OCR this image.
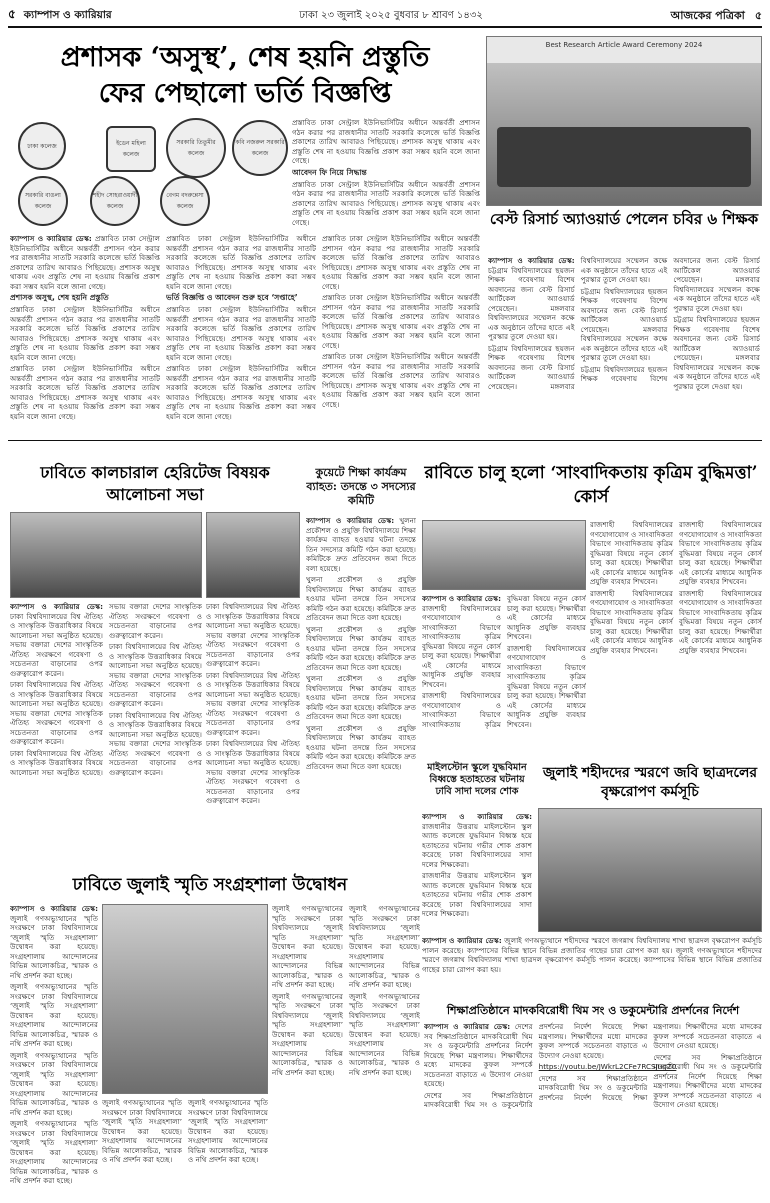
৫ ক্যাম্পাস ও ক্যারিয়ার	ঢাকা ২৩ জুলাই ২০২৫ বুধবার ৮ শ্রাবণ ১৪৩২	আজকের পত্রিকা ৫
প্রশাসক ‘অসুস্থ’, শেষ হয়নি প্রস্তুতি
ফের পেছালো ভর্তি বিজ্ঞপ্তি
ঢাকা কলেজ	ইডেন মহিলা কলেজ
সরকারি তিতুমীর কলেজ
কবি নজরুল সরকারি কলেজ
সরকারি বাঙলা কলেজ
শহীদ সোহরাওয়ার্দী কলেজ
বেগম বদরুন্নেসা কলেজ

প্রস্তাবিত ঢাকা সেন্ট্রাল ইউনিভার্সিটির অধীনে অন্তর্বর্তী প্রশাসন গঠন করার পর রাজধানীর সাতটি সরকারি কলেজে ভর্তি বিজ্ঞপ্তি প্রকাশের তারিখ আবারও পিছিয়েছে। প্রশাসক অসুস্থ থাকায় এবং প্রস্তুতি শেষ না হওয়ায় বিজ্ঞপ্তি প্রকাশ করা সম্ভব হয়নি বলে জানা গেছে।

আবেদন ফি নিয়ে সিদ্ধান্ত

প্রস্তাবিত ঢাকা সেন্ট্রাল ইউনিভার্সিটির অধীনে অন্তর্বর্তী প্রশাসন গঠন করার পর রাজধানীর সাতটি সরকারি কলেজে ভর্তি বিজ্ঞপ্তি প্রকাশের তারিখ আবারও পিছিয়েছে। প্রশাসক অসুস্থ থাকায় এবং প্রস্তুতি শেষ না হওয়ায় বিজ্ঞপ্তি প্রকাশ করা সম্ভব হয়নি বলে জানা গেছে।

ক্যাম্পাস ও ক্যারিয়ার ডেস্ক: প্রস্তাবিত ঢাকা সেন্ট্রাল ইউনিভার্সিটির অধীনে অন্তর্বর্তী প্রশাসন গঠন করার পর রাজধানীর সাতটি সরকারি কলেজে ভর্তি বিজ্ঞপ্তি প্রকাশের তারিখ আবারও পিছিয়েছে। প্রশাসক অসুস্থ থাকায় এবং প্রস্তুতি শেষ না হওয়ায় বিজ্ঞপ্তি প্রকাশ করা সম্ভব হয়নি বলে জানা গেছে।

প্রশাসক অসুস্থ, শেষ হয়নি প্রস্তুতি

প্রস্তাবিত ঢাকা সেন্ট্রাল ইউনিভার্সিটির অধীনে অন্তর্বর্তী প্রশাসন গঠন করার পর রাজধানীর সাতটি সরকারি কলেজে ভর্তি বিজ্ঞপ্তি প্রকাশের তারিখ আবারও পিছিয়েছে। প্রশাসক অসুস্থ থাকায় এবং প্রস্তুতি শেষ না হওয়ায় বিজ্ঞপ্তি প্রকাশ করা সম্ভব হয়নি বলে জানা গেছে।

প্রস্তাবিত ঢাকা সেন্ট্রাল ইউনিভার্সিটির অধীনে অন্তর্বর্তী প্রশাসন গঠন করার পর রাজধানীর সাতটি সরকারি কলেজে ভর্তি বিজ্ঞপ্তি প্রকাশের তারিখ আবারও পিছিয়েছে। প্রশাসক অসুস্থ থাকায় এবং প্রস্তুতি শেষ না হওয়ায় বিজ্ঞপ্তি প্রকাশ করা সম্ভব হয়নি বলে জানা গেছে।

প্রস্তাবিত ঢাকা সেন্ট্রাল ইউনিভার্সিটির অধীনে অন্তর্বর্তী প্রশাসন গঠন করার পর রাজধানীর সাতটি সরকারি কলেজে ভর্তি বিজ্ঞপ্তি প্রকাশের তারিখ আবারও পিছিয়েছে। প্রশাসক অসুস্থ থাকায় এবং প্রস্তুতি শেষ না হওয়ায় বিজ্ঞপ্তি প্রকাশ করা সম্ভব হয়নি বলে জানা গেছে।

ভর্তি বিজ্ঞপ্তি ও আবেদন শুরু হবে ‘সপ্তাহে’

প্রস্তাবিত ঢাকা সেন্ট্রাল ইউনিভার্সিটির অধীনে অন্তর্বর্তী প্রশাসন গঠন করার পর রাজধানীর সাতটি সরকারি কলেজে ভর্তি বিজ্ঞপ্তি প্রকাশের তারিখ আবারও পিছিয়েছে। প্রশাসক অসুস্থ থাকায় এবং প্রস্তুতি শেষ না হওয়ায় বিজ্ঞপ্তি প্রকাশ করা সম্ভব হয়নি বলে জানা গেছে।

প্রস্তাবিত ঢাকা সেন্ট্রাল ইউনিভার্সিটির অধীনে অন্তর্বর্তী প্রশাসন গঠন করার পর রাজধানীর সাতটি সরকারি কলেজে ভর্তি বিজ্ঞপ্তি প্রকাশের তারিখ আবারও পিছিয়েছে। প্রশাসক অসুস্থ থাকায় এবং প্রস্তুতি শেষ না হওয়ায় বিজ্ঞপ্তি প্রকাশ করা সম্ভব হয়নি বলে জানা গেছে।

প্রস্তাবিত ঢাকা সেন্ট্রাল ইউনিভার্সিটির অধীনে অন্তর্বর্তী প্রশাসন গঠন করার পর রাজধানীর সাতটি সরকারি কলেজে ভর্তি বিজ্ঞপ্তি প্রকাশের তারিখ আবারও পিছিয়েছে। প্রশাসক অসুস্থ থাকায় এবং প্রস্তুতি শেষ না হওয়ায় বিজ্ঞপ্তি প্রকাশ করা সম্ভব হয়নি বলে জানা গেছে।

প্রস্তাবিত ঢাকা সেন্ট্রাল ইউনিভার্সিটির অধীনে অন্তর্বর্তী প্রশাসন গঠন করার পর রাজধানীর সাতটি সরকারি কলেজে ভর্তি বিজ্ঞপ্তি প্রকাশের তারিখ আবারও পিছিয়েছে। প্রশাসক অসুস্থ থাকায় এবং প্রস্তুতি শেষ না হওয়ায় বিজ্ঞপ্তি প্রকাশ করা সম্ভব হয়নি বলে জানা গেছে।

প্রস্তাবিত ঢাকা সেন্ট্রাল ইউনিভার্সিটির অধীনে অন্তর্বর্তী প্রশাসন গঠন করার পর রাজধানীর সাতটি সরকারি কলেজে ভর্তি বিজ্ঞপ্তি প্রকাশের তারিখ আবারও পিছিয়েছে। প্রশাসক অসুস্থ থাকায় এবং প্রস্তুতি শেষ না হওয়ায় বিজ্ঞপ্তি প্রকাশ করা সম্ভব হয়নি বলে জানা গেছে।

Best Research Article Award Ceremony 2024
বেস্ট রিসার্চ অ্যাওয়ার্ড পেলেন চবির ৬ শিক্ষক

ক্যাম্পাস ও ক্যারিয়ার ডেস্ক: চট্টগ্রাম বিশ্ববিদ্যালয়ের ছয়জন শিক্ষক গবেষণায় বিশেষ অবদানের জন্য বেস্ট রিসার্চ আর্টিকেল অ্যাওয়ার্ড পেয়েছেন। মঙ্গলবার বিশ্ববিদ্যালয়ের সম্মেলন কক্ষে এক অনুষ্ঠানে তাঁদের হাতে এই পুরস্কার তুলে দেওয়া হয়।

চট্টগ্রাম বিশ্ববিদ্যালয়ের ছয়জন শিক্ষক গবেষণায় বিশেষ অবদানের জন্য বেস্ট রিসার্চ আর্টিকেল অ্যাওয়ার্ড পেয়েছেন। মঙ্গলবার বিশ্ববিদ্যালয়ের সম্মেলন কক্ষে এক অনুষ্ঠানে তাঁদের হাতে এই পুরস্কার তুলে দেওয়া হয়।

চট্টগ্রাম বিশ্ববিদ্যালয়ের ছয়জন শিক্ষক গবেষণায় বিশেষ অবদানের জন্য বেস্ট রিসার্চ আর্টিকেল অ্যাওয়ার্ড পেয়েছেন। মঙ্গলবার বিশ্ববিদ্যালয়ের সম্মেলন কক্ষে এক অনুষ্ঠানে তাঁদের হাতে এই পুরস্কার তুলে দেওয়া হয়।

চট্টগ্রাম বিশ্ববিদ্যালয়ের ছয়জন শিক্ষক গবেষণায় বিশেষ অবদানের জন্য বেস্ট রিসার্চ আর্টিকেল অ্যাওয়ার্ড পেয়েছেন। মঙ্গলবার বিশ্ববিদ্যালয়ের সম্মেলন কক্ষে এক অনুষ্ঠানে তাঁদের হাতে এই পুরস্কার তুলে দেওয়া হয়।

চট্টগ্রাম বিশ্ববিদ্যালয়ের ছয়জন শিক্ষক গবেষণায় বিশেষ অবদানের জন্য বেস্ট রিসার্চ আর্টিকেল অ্যাওয়ার্ড পেয়েছেন। মঙ্গলবার বিশ্ববিদ্যালয়ের সম্মেলন কক্ষে এক অনুষ্ঠানে তাঁদের হাতে এই পুরস্কার তুলে দেওয়া হয়।

ঢাবিতে কালচারাল হেরিটেজ বিষয়ক আলোচনা সভা

ক্যাম্পাস ও ক্যারিয়ার ডেস্ক: ঢাকা বিশ্ববিদ্যালয়ের বিশ্ব ঐতিহ্য ও সাংস্কৃতিক উত্তরাধিকার বিষয়ে আলোচনা সভা অনুষ্ঠিত হয়েছে। সভায় বক্তারা দেশের সাংস্কৃতিক ঐতিহ্য সংরক্ষণে গবেষণা ও সচেতনতা বাড়ানোর ওপর গুরুত্বারোপ করেন।

ঢাকা বিশ্ববিদ্যালয়ের বিশ্ব ঐতিহ্য ও সাংস্কৃতিক উত্তরাধিকার বিষয়ে আলোচনা সভা অনুষ্ঠিত হয়েছে। সভায় বক্তারা দেশের সাংস্কৃতিক ঐতিহ্য সংরক্ষণে গবেষণা ও সচেতনতা বাড়ানোর ওপর গুরুত্বারোপ করেন।

ঢাকা বিশ্ববিদ্যালয়ের বিশ্ব ঐতিহ্য ও সাংস্কৃতিক উত্তরাধিকার বিষয়ে আলোচনা সভা অনুষ্ঠিত হয়েছে। সভায় বক্তারা দেশের সাংস্কৃতিক ঐতিহ্য সংরক্ষণে গবেষণা ও সচেতনতা বাড়ানোর ওপর গুরুত্বারোপ করেন।

ঢাকা বিশ্ববিদ্যালয়ের বিশ্ব ঐতিহ্য ও সাংস্কৃতিক উত্তরাধিকার বিষয়ে আলোচনা সভা অনুষ্ঠিত হয়েছে। সভায় বক্তারা দেশের সাংস্কৃতিক ঐতিহ্য সংরক্ষণে গবেষণা ও সচেতনতা বাড়ানোর ওপর গুরুত্বারোপ করেন।

ঢাকা বিশ্ববিদ্যালয়ের বিশ্ব ঐতিহ্য ও সাংস্কৃতিক উত্তরাধিকার বিষয়ে আলোচনা সভা অনুষ্ঠিত হয়েছে। সভায় বক্তারা দেশের সাংস্কৃতিক ঐতিহ্য সংরক্ষণে গবেষণা ও সচেতনতা বাড়ানোর ওপর গুরুত্বারোপ করেন।

ঢাকা বিশ্ববিদ্যালয়ের বিশ্ব ঐতিহ্য ও সাংস্কৃতিক উত্তরাধিকার বিষয়ে আলোচনা সভা অনুষ্ঠিত হয়েছে। সভায় বক্তারা দেশের সাংস্কৃতিক ঐতিহ্য সংরক্ষণে গবেষণা ও সচেতনতা বাড়ানোর ওপর গুরুত্বারোপ করেন।

ঢাকা বিশ্ববিদ্যালয়ের বিশ্ব ঐতিহ্য ও সাংস্কৃতিক উত্তরাধিকার বিষয়ে আলোচনা সভা অনুষ্ঠিত হয়েছে। সভায় বক্তারা দেশের সাংস্কৃতিক ঐতিহ্য সংরক্ষণে গবেষণা ও সচেতনতা বাড়ানোর ওপর গুরুত্বারোপ করেন।

ঢাকা বিশ্ববিদ্যালয়ের বিশ্ব ঐতিহ্য ও সাংস্কৃতিক উত্তরাধিকার বিষয়ে আলোচনা সভা অনুষ্ঠিত হয়েছে। সভায় বক্তারা দেশের সাংস্কৃতিক ঐতিহ্য সংরক্ষণে গবেষণা ও সচেতনতা বাড়ানোর ওপর গুরুত্বারোপ করেন।

কুয়েটে শিক্ষা কার্যক্রম ব্যাহত: তদন্তে ৩ সদস্যের কমিটি

ক্যাম্পাস ও ক্যারিয়ার ডেস্ক: খুলনা প্রকৌশল ও প্রযুক্তি বিশ্ববিদ্যালয়ে শিক্ষা কার্যক্রম ব্যাহত হওয়ার ঘটনা তদন্তে তিন সদস্যের কমিটি গঠন করা হয়েছে। কমিটিকে দ্রুত প্রতিবেদন জমা দিতে বলা হয়েছে।

খুলনা প্রকৌশল ও প্রযুক্তি বিশ্ববিদ্যালয়ে শিক্ষা কার্যক্রম ব্যাহত হওয়ার ঘটনা তদন্তে তিন সদস্যের কমিটি গঠন করা হয়েছে। কমিটিকে দ্রুত প্রতিবেদন জমা দিতে বলা হয়েছে।

খুলনা প্রকৌশল ও প্রযুক্তি বিশ্ববিদ্যালয়ে শিক্ষা কার্যক্রম ব্যাহত হওয়ার ঘটনা তদন্তে তিন সদস্যের কমিটি গঠন করা হয়েছে। কমিটিকে দ্রুত প্রতিবেদন জমা দিতে বলা হয়েছে।

খুলনা প্রকৌশল ও প্রযুক্তি বিশ্ববিদ্যালয়ে শিক্ষা কার্যক্রম ব্যাহত হওয়ার ঘটনা তদন্তে তিন সদস্যের কমিটি গঠন করা হয়েছে। কমিটিকে দ্রুত প্রতিবেদন জমা দিতে বলা হয়েছে।

খুলনা প্রকৌশল ও প্রযুক্তি বিশ্ববিদ্যালয়ে শিক্ষা কার্যক্রম ব্যাহত হওয়ার ঘটনা তদন্তে তিন সদস্যের কমিটি গঠন করা হয়েছে। কমিটিকে দ্রুত প্রতিবেদন জমা দিতে বলা হয়েছে।

রাবিতে চালু হলো ‘সাংবাদিকতায় কৃত্রিম বুদ্ধিমত্তা’ কোর্স

রাজশাহী বিশ্ববিদ্যালয়ের গণযোগাযোগ ও সাংবাদিকতা বিভাগে সাংবাদিকতায় কৃত্রিম বুদ্ধিমত্তা বিষয়ে নতুন কোর্স চালু করা হয়েছে। শিক্ষার্থীরা এই কোর্সের মাধ্যমে আধুনিক প্রযুক্তি ব্যবহার শিখবেন।

রাজশাহী বিশ্ববিদ্যালয়ের গণযোগাযোগ ও সাংবাদিকতা বিভাগে সাংবাদিকতায় কৃত্রিম বুদ্ধিমত্তা বিষয়ে নতুন কোর্স চালু করা হয়েছে। শিক্ষার্থীরা এই কোর্সের মাধ্যমে আধুনিক প্রযুক্তি ব্যবহার শিখবেন।

রাজশাহী বিশ্ববিদ্যালয়ের গণযোগাযোগ ও সাংবাদিকতা বিভাগে সাংবাদিকতায় কৃত্রিম বুদ্ধিমত্তা বিষয়ে নতুন কোর্স চালু করা হয়েছে। শিক্ষার্থীরা এই কোর্সের মাধ্যমে আধুনিক প্রযুক্তি ব্যবহার শিখবেন।

রাজশাহী বিশ্ববিদ্যালয়ের গণযোগাযোগ ও সাংবাদিকতা বিভাগে সাংবাদিকতায় কৃত্রিম বুদ্ধিমত্তা বিষয়ে নতুন কোর্স চালু করা হয়েছে। শিক্ষার্থীরা এই কোর্সের মাধ্যমে আধুনিক প্রযুক্তি ব্যবহার শিখবেন।

ক্যাম্পাস ও ক্যারিয়ার ডেস্ক: রাজশাহী বিশ্ববিদ্যালয়ের গণযোগাযোগ ও সাংবাদিকতা বিভাগে সাংবাদিকতায় কৃত্রিম বুদ্ধিমত্তা বিষয়ে নতুন কোর্স চালু করা হয়েছে। শিক্ষার্থীরা এই কোর্সের মাধ্যমে আধুনিক প্রযুক্তি ব্যবহার শিখবেন।

রাজশাহী বিশ্ববিদ্যালয়ের গণযোগাযোগ ও সাংবাদিকতা বিভাগে সাংবাদিকতায় কৃত্রিম বুদ্ধিমত্তা বিষয়ে নতুন কোর্স চালু করা হয়েছে। শিক্ষার্থীরা এই কোর্সের মাধ্যমে আধুনিক প্রযুক্তি ব্যবহার শিখবেন।

রাজশাহী বিশ্ববিদ্যালয়ের গণযোগাযোগ ও সাংবাদিকতা বিভাগে সাংবাদিকতায় কৃত্রিম বুদ্ধিমত্তা বিষয়ে নতুন কোর্স চালু করা হয়েছে। শিক্ষার্থীরা এই কোর্সের মাধ্যমে আধুনিক প্রযুক্তি ব্যবহার শিখবেন।

মাইলস্টোন স্কুলে যুদ্ধবিমান বিধ্বস্তে হতাহতের ঘটনায় ঢাবি সাদা দলের শোক

ক্যাম্পাস ও ক্যারিয়ার ডেস্ক: রাজধানীর উত্তরায় মাইলস্টোন স্কুল অ্যান্ড কলেজে যুদ্ধবিমান বিধ্বস্ত হয়ে হতাহতের ঘটনায় গভীর শোক প্রকাশ করেছে ঢাকা বিশ্ববিদ্যালয়ের সাদা দলের শিক্ষকেরা।

রাজধানীর উত্তরায় মাইলস্টোন স্কুল অ্যান্ড কলেজে যুদ্ধবিমান বিধ্বস্ত হয়ে হতাহতের ঘটনায় গভীর শোক প্রকাশ করেছে ঢাকা বিশ্ববিদ্যালয়ের সাদা দলের শিক্ষকেরা।

জুলাই শহীদদের স্মরণে জবি ছাত্রদলের বৃক্ষরোপণ কর্মসূচি
ঢাবিতে জুলাই স্মৃতি সংগ্রহশালা উদ্বোধন

ক্যাম্পাস ও ক্যারিয়ার ডেস্ক: জুলাই গণঅভ্যুত্থানের স্মৃতি সংরক্ষণে ঢাকা বিশ্ববিদ্যালয়ে ‘জুলাই স্মৃতি সংগ্রহশালা’ উদ্বোধন করা হয়েছে। সংগ্রহশালায় আন্দোলনের বিভিন্ন আলোকচিত্র, স্মারক ও নথি প্রদর্শন করা হচ্ছে।

জুলাই গণঅভ্যুত্থানের স্মৃতি সংরক্ষণে ঢাকা বিশ্ববিদ্যালয়ে ‘জুলাই স্মৃতি সংগ্রহশালা’ উদ্বোধন করা হয়েছে। সংগ্রহশালায় আন্দোলনের বিভিন্ন আলোকচিত্র, স্মারক ও নথি প্রদর্শন করা হচ্ছে।

জুলাই গণঅভ্যুত্থানের স্মৃতি সংরক্ষণে ঢাকা বিশ্ববিদ্যালয়ে ‘জুলাই স্মৃতি সংগ্রহশালা’ উদ্বোধন করা হয়েছে। সংগ্রহশালায় আন্দোলনের বিভিন্ন আলোকচিত্র, স্মারক ও নথি প্রদর্শন করা হচ্ছে।

জুলাই গণঅভ্যুত্থানের স্মৃতি সংরক্ষণে ঢাকা বিশ্ববিদ্যালয়ে ‘জুলাই স্মৃতি সংগ্রহশালা’ উদ্বোধন করা হয়েছে। সংগ্রহশালায় আন্দোলনের বিভিন্ন আলোকচিত্র, স্মারক ও নথি প্রদর্শন করা হচ্ছে।

জুলাই গণঅভ্যুত্থানের স্মৃতি সংরক্ষণে ঢাকা বিশ্ববিদ্যালয়ে ‘জুলাই স্মৃতি সংগ্রহশালা’ উদ্বোধন করা হয়েছে। সংগ্রহশালায় আন্দোলনের বিভিন্ন আলোকচিত্র, স্মারক ও নথি প্রদর্শন করা হচ্ছে।

জুলাই গণঅভ্যুত্থানের স্মৃতি সংরক্ষণে ঢাকা বিশ্ববিদ্যালয়ে ‘জুলাই স্মৃতি সংগ্রহশালা’ উদ্বোধন করা হয়েছে। সংগ্রহশালায় আন্দোলনের বিভিন্ন আলোকচিত্র, স্মারক ও নথি প্রদর্শন করা হচ্ছে।

জুলাই গণঅভ্যুত্থানের স্মৃতি সংরক্ষণে ঢাকা বিশ্ববিদ্যালয়ে ‘জুলাই স্মৃতি সংগ্রহশালা’ উদ্বোধন করা হয়েছে। সংগ্রহশালায় আন্দোলনের বিভিন্ন আলোকচিত্র, স্মারক ও নথি প্রদর্শন করা হচ্ছে।

জুলাই গণঅভ্যুত্থানের স্মৃতি সংরক্ষণে ঢাকা বিশ্ববিদ্যালয়ে ‘জুলাই স্মৃতি সংগ্রহশালা’ উদ্বোধন করা হয়েছে। সংগ্রহশালায় আন্দোলনের বিভিন্ন আলোকচিত্র, স্মারক ও নথি প্রদর্শন করা হচ্ছে।

জুলাই গণঅভ্যুত্থানের স্মৃতি সংরক্ষণে ঢাকা বিশ্ববিদ্যালয়ে ‘জুলাই স্মৃতি সংগ্রহশালা’ উদ্বোধন করা হয়েছে। সংগ্রহশালায় আন্দোলনের বিভিন্ন আলোকচিত্র, স্মারক ও নথি প্রদর্শন করা হচ্ছে।

জুলাই গণঅভ্যুত্থানের স্মৃতি সংরক্ষণে ঢাকা বিশ্ববিদ্যালয়ে ‘জুলাই স্মৃতি সংগ্রহশালা’ উদ্বোধন করা হয়েছে। সংগ্রহশালায় আন্দোলনের বিভিন্ন আলোকচিত্র, স্মারক ও নথি প্রদর্শন করা হচ্ছে।

ক্যাম্পাস ও ক্যারিয়ার ডেস্ক: জুলাই গণঅভ্যুত্থানে শহীদদের স্মরণে জগন্নাথ বিশ্ববিদ্যালয় শাখা ছাত্রদল বৃক্ষরোপণ কর্মসূচি পালন করেছে। ক্যাম্পাসের বিভিন্ন স্থানে বিভিন্ন প্রজাতির গাছের চারা রোপণ করা হয়। জুলাই গণঅভ্যুত্থানে শহীদদের স্মরণে জগন্নাথ বিশ্ববিদ্যালয় শাখা ছাত্রদল বৃক্ষরোপণ কর্মসূচি পালন করেছে। ক্যাম্পাসের বিভিন্ন স্থানে বিভিন্ন প্রজাতির গাছের চারা রোপণ করা হয়।

শিক্ষাপ্রতিষ্ঠানে মাদকবিরোধী থিম সং ও ডকুমেন্টারি প্রদর্শনের নির্দেশ

ক্যাম্পাস ও ক্যারিয়ার ডেস্ক: দেশের সব শিক্ষাপ্রতিষ্ঠানে মাদকবিরোধী থিম সং ও ডকুমেন্টারি প্রদর্শনের নির্দেশ দিয়েছে শিক্ষা মন্ত্রণালয়। শিক্ষার্থীদের মধ্যে মাদকের কুফল সম্পর্কে সচেতনতা বাড়াতে এ উদ্যোগ নেওয়া হয়েছে।

দেশের সব শিক্ষাপ্রতিষ্ঠানে মাদকবিরোধী থিম সং ও ডকুমেন্টারি প্রদর্শনের নির্দেশ দিয়েছে শিক্ষা মন্ত্রণালয়। শিক্ষার্থীদের মধ্যে মাদকের কুফল সম্পর্কে সচেতনতা বাড়াতে এ উদ্যোগ নেওয়া হয়েছে।

https://youtu.be/JWkrL2CFe7RCSJugZ0

দেশের সব শিক্ষাপ্রতিষ্ঠানে মাদকবিরোধী থিম সং ও ডকুমেন্টারি প্রদর্শনের নির্দেশ দিয়েছে শিক্ষা মন্ত্রণালয়। শিক্ষার্থীদের মধ্যে মাদকের কুফল সম্পর্কে সচেতনতা বাড়াতে এ উদ্যোগ নেওয়া হয়েছে।

দেশের সব শিক্ষাপ্রতিষ্ঠানে মাদকবিরোধী থিম সং ও ডকুমেন্টারি প্রদর্শনের নির্দেশ দিয়েছে শিক্ষা মন্ত্রণালয়। শিক্ষার্থীদের মধ্যে মাদকের কুফল সম্পর্কে সচেতনতা বাড়াতে এ উদ্যোগ নেওয়া হয়েছে।
